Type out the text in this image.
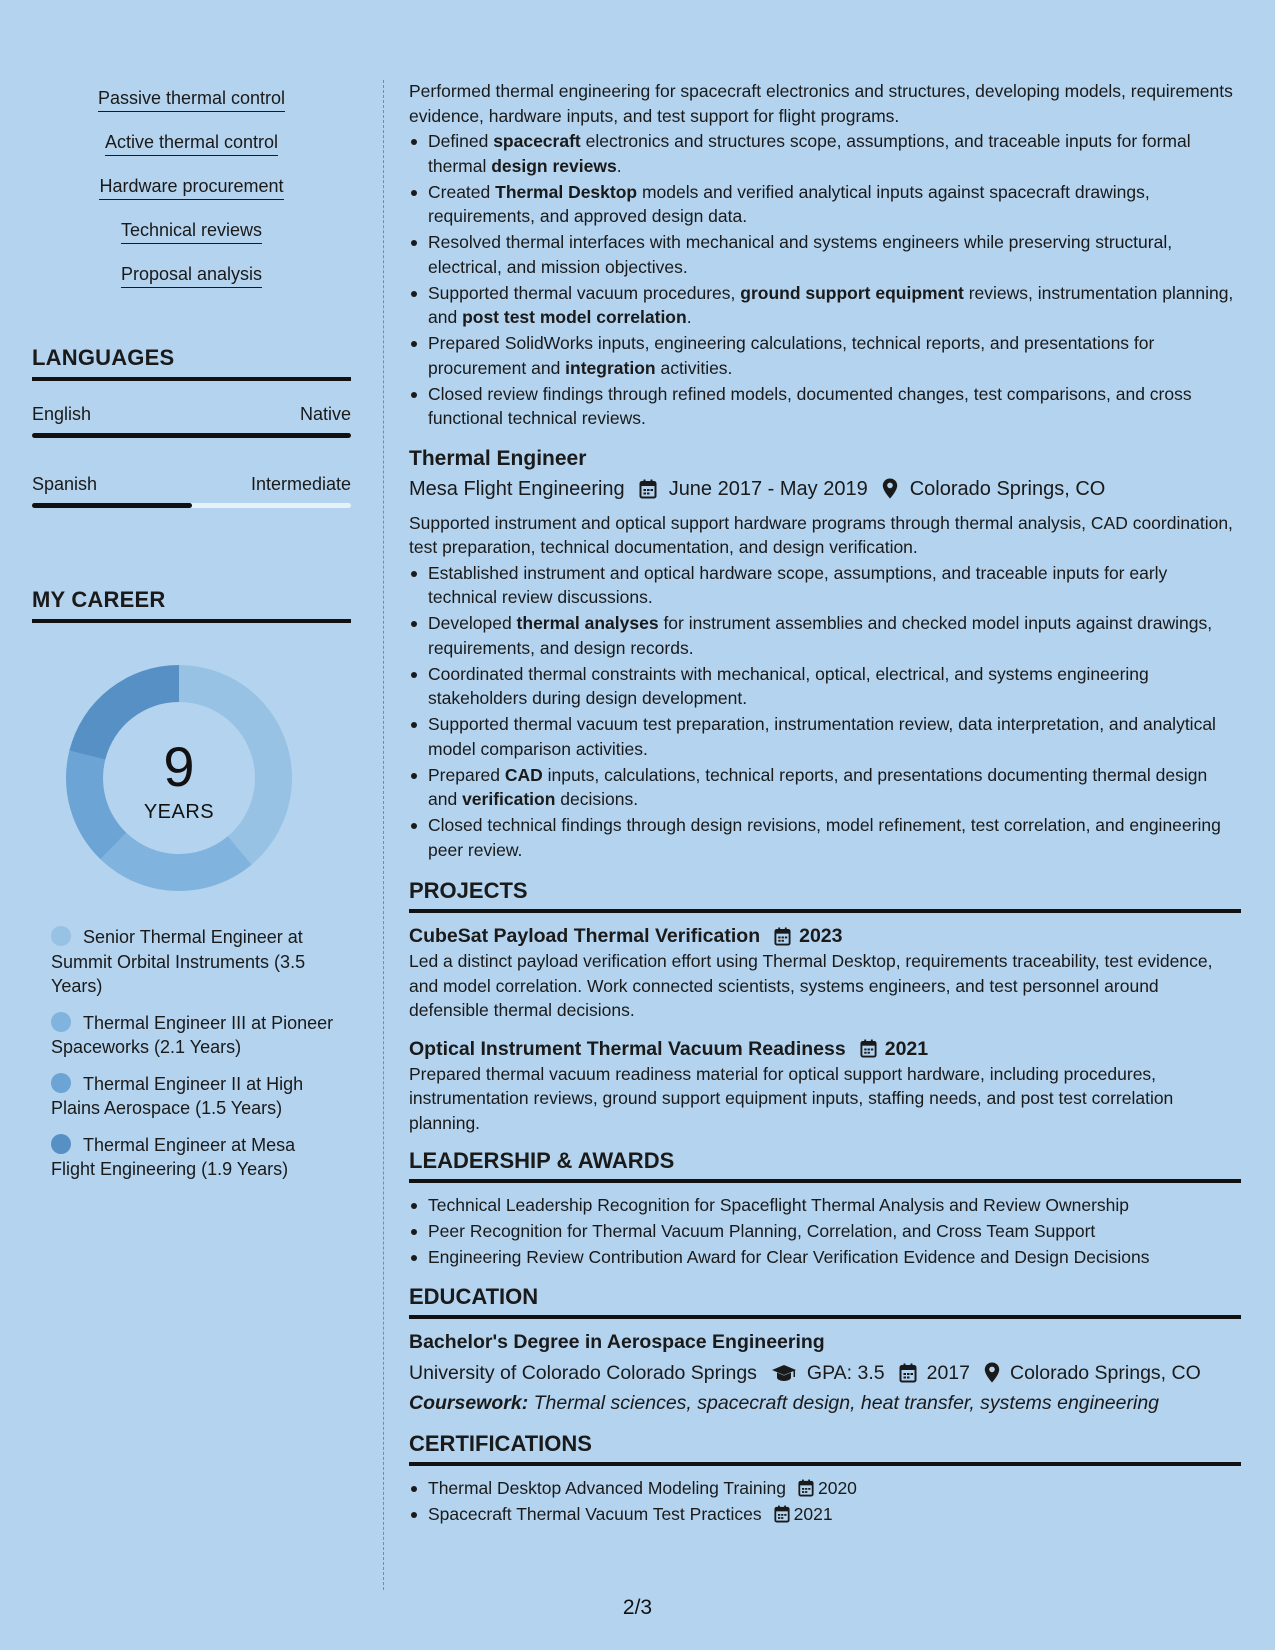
Passive thermal control
Active thermal control
Hardware procurement
Technical reviews
Proposal analysis
LANGUAGES
English	Native
Spanish	Intermediate
MY CAREER
9
YEARS
Senior Thermal Engineer at Summit Orbital Instruments (3.5 Years)
Thermal Engineer III at Pioneer Spaceworks (2.1 Years)
Thermal Engineer II at High Plains Aerospace (1.5 Years)
Thermal Engineer at Mesa Flight Engineering (1.9 Years)
Performed thermal engineering for spacecraft electronics and structures, developing models, requirements evidence, hardware inputs, and test support for flight programs.
Defined spacecraft electronics and structures scope, assumptions, and traceable inputs for formal thermal design reviews.
Created Thermal Desktop models and verified analytical inputs against spacecraft drawings, requirements, and approved design data.
Resolved thermal interfaces with mechanical and systems engineers while preserving structural, electrical, and mission objectives.
Supported thermal vacuum procedures, ground support equipment reviews, instrumentation planning, and post test model correlation.
Prepared SolidWorks inputs, engineering calculations, technical reports, and presentations for procurement and integration activities.
Closed review findings through refined models, documented changes, test comparisons, and cross functional technical reviews.
Thermal Engineer
Mesa Flight Engineering June 2017 - May 2019 Colorado Springs, CO
Supported instrument and optical support hardware programs through thermal analysis, CAD coordination, test preparation, technical documentation, and design verification.
Established instrument and optical hardware scope, assumptions, and traceable inputs for early technical review discussions.
Developed thermal analyses for instrument assemblies and checked model inputs against drawings, requirements, and design records.
Coordinated thermal constraints with mechanical, optical, electrical, and systems engineering stakeholders during design development.
Supported thermal vacuum test preparation, instrumentation review, data interpretation, and analytical model comparison activities.
Prepared CAD inputs, calculations, technical reports, and presentations documenting thermal design and verification decisions.
Closed technical findings through design revisions, model refinement, test correlation, and engineering peer review.
PROJECTS
CubeSat Payload Thermal Verification 2023
Led a distinct payload verification effort using Thermal Desktop, requirements traceability, test evidence, and model correlation. Work connected scientists, systems engineers, and test personnel around defensible thermal decisions.
Optical Instrument Thermal Vacuum Readiness 2021
Prepared thermal vacuum readiness material for optical support hardware, including procedures, instrumentation reviews, ground support equipment inputs, staffing needs, and post test correlation planning.
LEADERSHIP & AWARDS
Technical Leadership Recognition for Spaceflight Thermal Analysis and Review Ownership
Peer Recognition for Thermal Vacuum Planning, Correlation, and Cross Team Support
Engineering Review Contribution Award for Clear Verification Evidence and Design Decisions
EDUCATION
Bachelor's Degree in Aerospace Engineering
University of Colorado Colorado Springs	GPA: 3.5 2017 Colorado Springs, CO
Coursework: Thermal sciences, spacecraft design, heat transfer, systems engineering
CERTIFICATIONS
Thermal Desktop Advanced Modeling Training 2020
Spacecraft Thermal Vacuum Test Practices 2021
2/3
